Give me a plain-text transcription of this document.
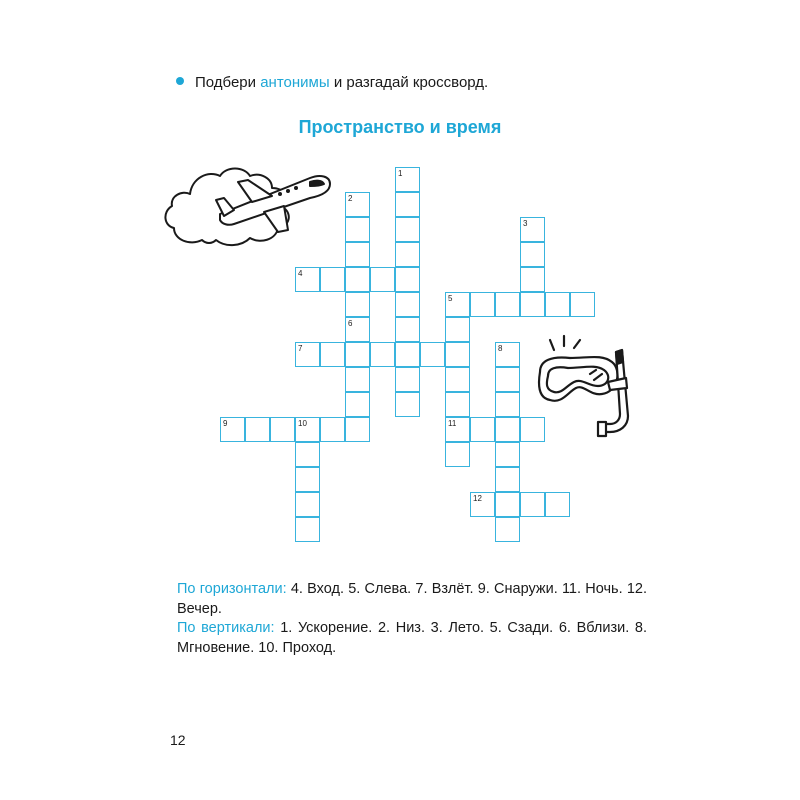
Подбери антонимы и разгадай кроссворд.
Пространство и время
1
2
6
3
4
5
11
7	8
9	10
12

По горизонтали: 4. Вход. 5. Слева. 7. Взлёт. 9. Снаружи. 11. Ночь. 12. Вечер.

По вертикали: 1. Ускорение. 2. Низ. 3. Лето. 5. Сзади. 6. Вблизи. 8. Мгновение. 10. Проход.

12
